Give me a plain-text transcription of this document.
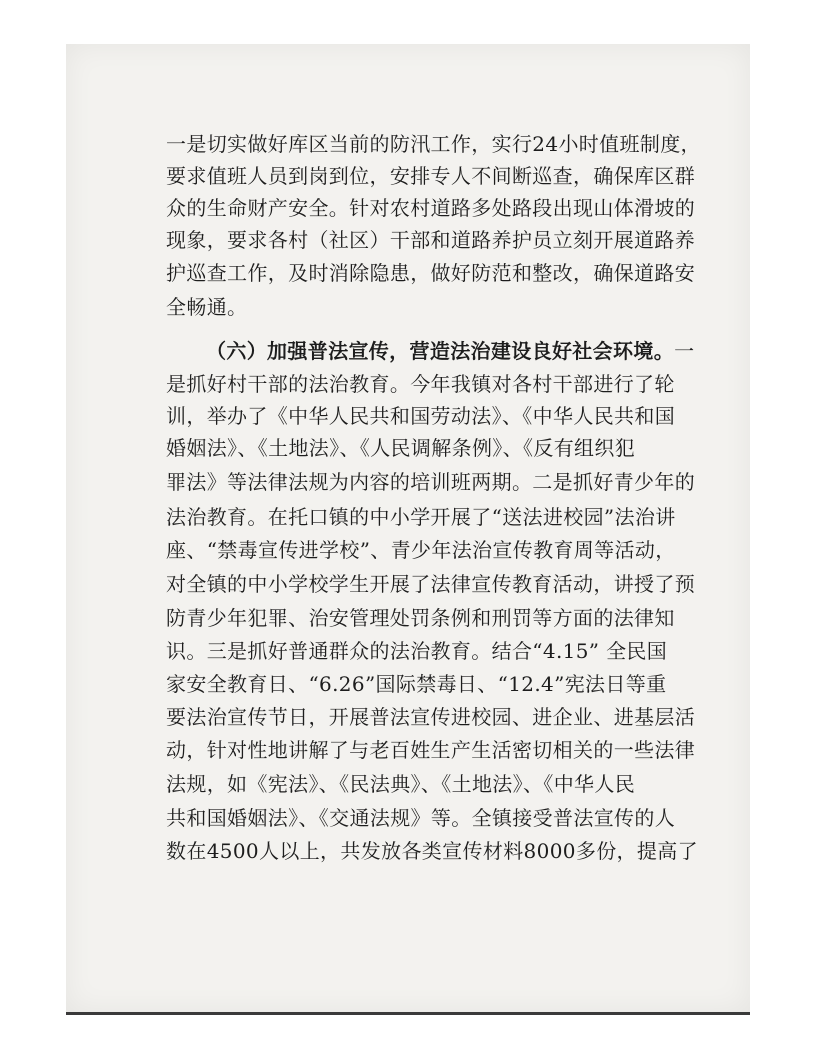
一是切实做好库区当前的防汛工作，实行24小时值班制度，
要求值班人员到岗到位，安排专人不间断巡查，确保库区群
众的生命财产安全。针对农村道路多处路段出现山体滑坡的
现象，要求各村（社区）干部和道路养护员立刻开展道路养
护巡查工作，及时消除隐患，做好防范和整改，确保道路安
全畅通。
（六）加强普法宣传，营造法治建设良好社会环境。一
是抓好村干部的法治教育。今年我镇对各村干部进行了轮
训，举办了《中华人民共和国劳动法》、《中华人民共和国
婚姻法》、《土地法》、《人民调解条例》、《反有组织犯
罪法》等法律法规为内容的培训班两期。二是抓好青少年的
法治教育。在托口镇的中小学开展了“送法进校园”法治讲
座、“禁毒宣传进学校”、青少年法治宣传教育周等活动，
对全镇的中小学校学生开展了法律宣传教育活动，讲授了预
防青少年犯罪、治安管理处罚条例和刑罚等方面的法律知
识。三是抓好普通群众的法治教育。结合“4.15” 全民国
家安全教育日、“6.26”国际禁毒日、“12.4”宪法日等重
要法治宣传节日，开展普法宣传进校园、进企业、进基层活
动，针对性地讲解了与老百姓生产生活密切相关的一些法律
法规，如《宪法》、《民法典》、《土地法》、《中华人民
共和国婚姻法》、《交通法规》等。全镇接受普法宣传的人
数在4500人以上，共发放各类宣传材料8000多份，提高了
